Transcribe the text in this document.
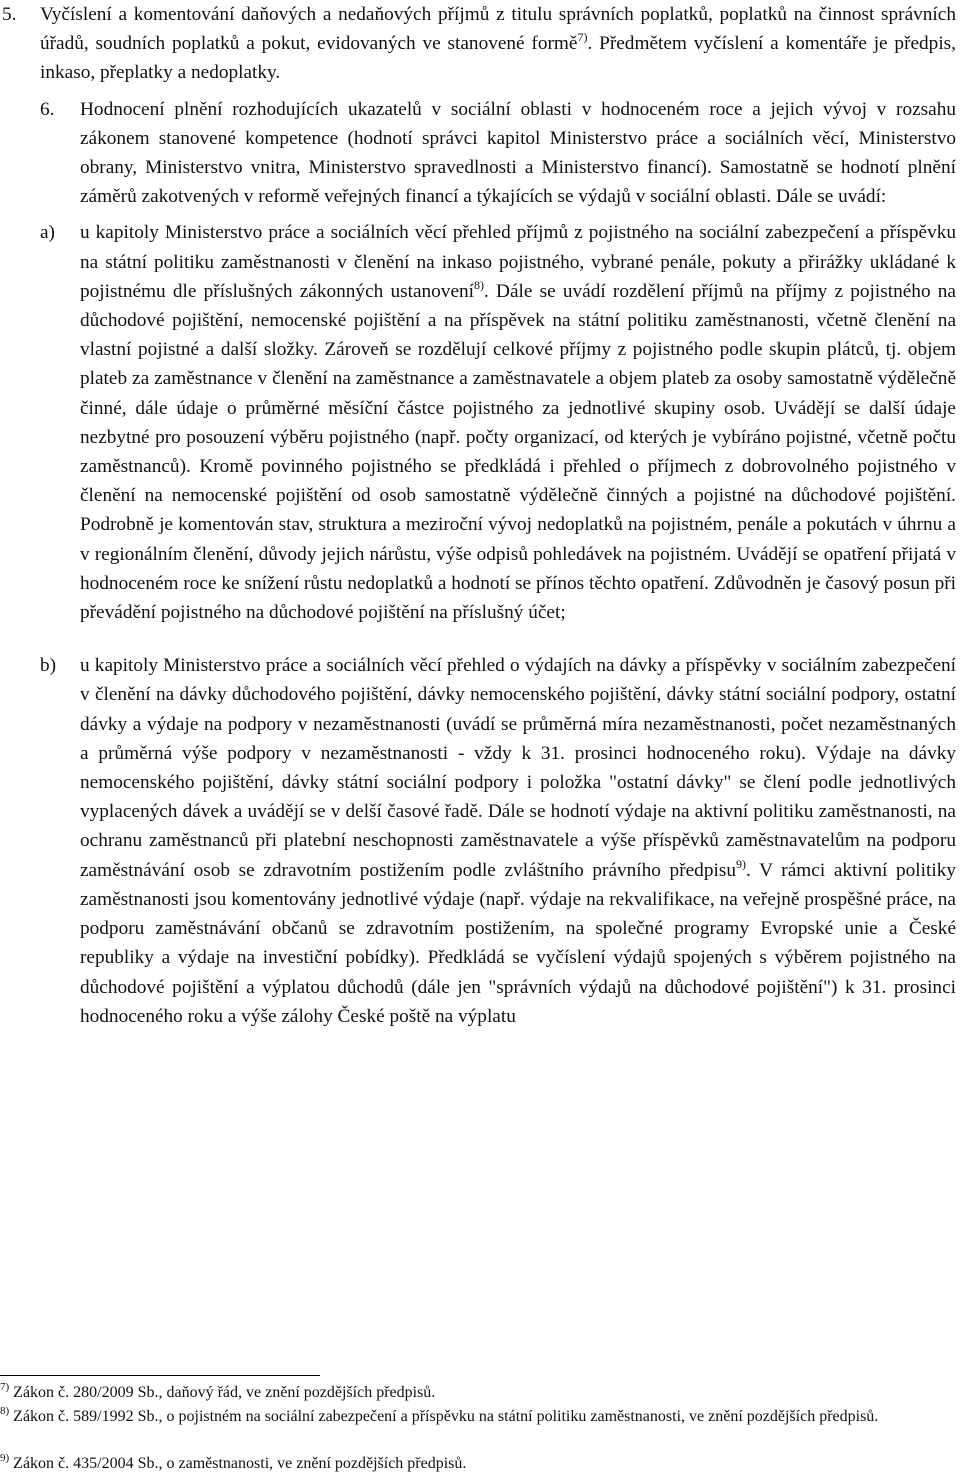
5. Vyčíslení a komentování daňových a nedaňových příjmů z titulu správních poplatků, poplatků na činnost správních úřadů, soudních poplatků a pokut, evidovaných ve stanovené formě$^{7)}$. Předmětem vyčíslení a komentáře je předpis, inkaso, přeplatky a nedoplatky.
6. Hodnocení plnění rozhodujících ukazatelů v sociální oblasti v hodnoceném roce a jejich vývoj v rozsahu zákonem stanovené kompetence (hodnotí správci kapitol Ministerstvo práce a sociálních věcí, Ministerstvo obrany, Ministerstvo vnitra, Ministerstvo spravedlnosti a Ministerstvo financí). Samostatně se hodnotí plnění záměrů zakotvených v reformě veřejných financí a týkajících se výdajů v sociální oblasti. Dále se uvádí:
a) u kapitoly Ministerstvo práce a sociálních věcí přehled příjmů z pojistného na sociální zabezpečení a příspěvku na státní politiku zaměstnanosti v členění na inkaso pojistného, vybrané penále, pokuty a přirážky ukládané k pojistnému dle příslušných zákonných ustanovení$^{8)}$. Dále se uvádí rozdělení příjmů na příjmy z pojistného na důchodové pojištění, nemocenské pojištění a na příspěvek na státní politiku zaměstnanosti, včetně členění na vlastní pojistné a další složky. Zároveň se rozdělují celkové příjmy z pojistného podle skupin plátců, tj. objem plateb za zaměstnance v členění na zaměstnance a zaměstnavatele a objem plateb za osoby samostatně výdělečně činné, dále údaje o průměrné měsíční částce pojistného za jednotlivé skupiny osob. Uvádějí se další údaje nezbytné pro posouzení výběru pojistného (např. počty organizací, od kterých je vybíráno pojistné, včetně počtu zaměstnanců). Kromě povinného pojistného se předkládá i přehled o příjmech z dobrovolného pojistného v členění na nemocenské pojištění od osob samostatně výdělečně činných a pojistné na důchodové pojištění. Podrobně je komentován stav, struktura a meziroční vývoj nedoplatků na pojistném, penále a pokutách v úhrnu a v regionálním členění, důvody jejich nárůstu, výše odpisů pohledávek na pojistném. Uvádějí se opatření přijatá v hodnoceném roce ke snížení růstu nedoplatků a hodnotí se přínos těchto opatření. Zdůvodněn je časový posun při převádění pojistného na důchodové pojištění na příslušný účet;
b) u kapitoly Ministerstvo práce a sociálních věcí přehled o výdajích na dávky a příspěvky v sociálním zabezpečení v členění na dávky důchodového pojištění, dávky nemocenského pojištění, dávky státní sociální podpory, ostatní dávky a výdaje na podpory v nezaměstnanosti (uvádí se průměrná míra nezaměstnanosti, počet nezaměstnaných a průměrná výše podpory v nezaměstnanosti - vždy k 31. prosinci hodnoceného roku). Výdaje na dávky nemocenského pojištění, dávky státní sociální podpory i položka "ostatní dávky" se člení podle jednotlivých vyplacených dávek a uvádějí se v delší časové řadě. Dále se hodnotí výdaje na aktivní politiku zaměstnanosti, na ochranu zaměstnanců při platební neschopnosti zaměstnavatele a výše příspěvků zaměstnavatelům na podporu zaměstnávání osob se zdravotním postižením podle zvláštního právního předpisu$^{9)}$. V rámci aktivní politiky zaměstnanosti jsou komentovány jednotlivé výdaje (např. výdaje na rekvalifikace, na veřejně prospěšné práce, na podporu zaměstnávání občanů se zdravotním postižením, na společné programy Evropské unie a České republiky a výdaje na investiční pobídky). Předkládá se vyčíslení výdajů spojených s výběrem pojistného na důchodové pojištění a výplatou důchodů (dále jen "správních výdajů na důchodové pojištění") k 31. prosinci hodnoceného roku a výše zálohy České poště na výplatu
$^{7)}$ Zákon č. 280/2009 Sb., daňový řád, ve znění pozdějších předpisů.
$^{8)}$ Zákon č. 589/1992 Sb., o pojistném na sociální zabezpečení a příspěvku na státní politiku zaměstnanosti, ve znění pozdějších předpisů.
$^{9)}$ Zákon č. 435/2004 Sb., o zaměstnanosti, ve znění pozdějších předpisů.
